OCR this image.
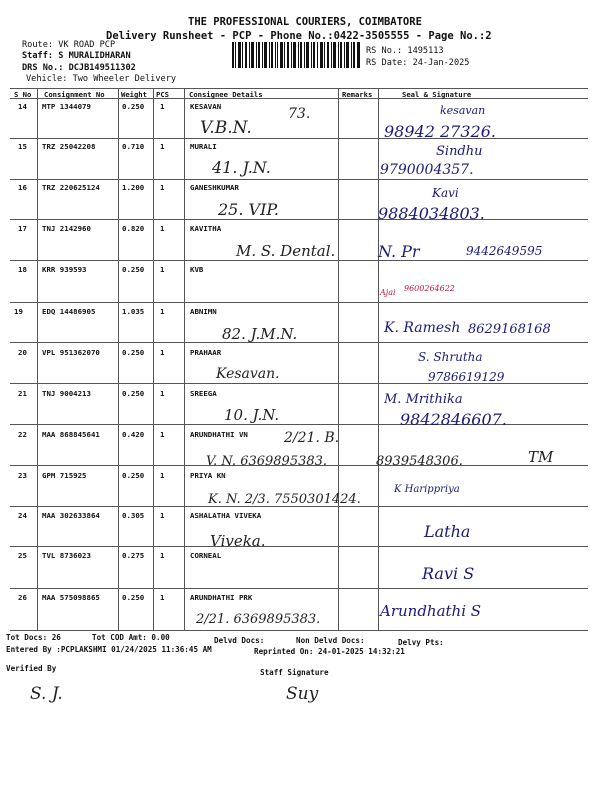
THE PROFESSIONAL COURIERS, COIMBATORE
Delivery Runsheet - PCP - Phone No.:0422-3505555 - Page No.:2
Route: VK ROAD PCP
Staff: S MURALIDHARAN
DRS No.: DCJB149511302
Vehicle: Two Wheeler Delivery
RS No.: 1495113
RS Date: 24-Jan-2025
S No Consignment No Weight PCS	Consignee Details	Remarks	Seal & Signature
14 MTP 1344079	0.250 1	KESAVAN
V.B.N.
73.
98942 27326.
kesavan
15 TRZ 25042208	0.710 1	MURALI
41. J.N.	9790004357.
Sindhu
16 TRZ 220625124	1.200 1	GANESHKUMAR
25. VIP.	9884034803.
Kavi
17 TNJ 2142960	0.820 1	KAVITHA
M. S. Dental.	9442649595
N. Pr
18 KRR 939593	0.250 1	KVB
9600264622
Ajai
19	EDQ 14486905	1.035 1	ABNIMN
82. J.M.N.	8629168168
K. Ramesh
20 VPL 951362070	0.250 1	PRAHAAR
Kesavan.	9786619129
S. Shrutha
21 TNJ 9004213	0.250 1	SREEGA
10. J.N.	9842846607.
M. Mrithika
22 MAA 868845641	0.420 1	ARUNDHATHI VN	2/21. B.
V. N. 6369895383.	8939548306.	TM
23 GPM 715925	0.250 1	PRIYA KN
K. N. 2/3. 7550301424.
K Harippriya
24 MAA 302633864	0.305 1	ASHALATHA VIVEKA
Viveka.	Latha
25 TVL 8736023	0.275 1	CORNEAL
Ravi S
26 MAA 575098865	0.250 1	ARUNDHATHI PRK
2/21. 6369895383.	Arundhathi S
Tot Docs: 26	Tot COD Amt: 0.00	Delvd Docs:	Non Delvd Docs:	Delvy Pts:
Entered By :PCPLAKSHMI 01/24/2025 11:36:45 AM	Reprinted On: 24-01-2025 14:32:21
Verified By	Staff Signature
S. J.	Suy
